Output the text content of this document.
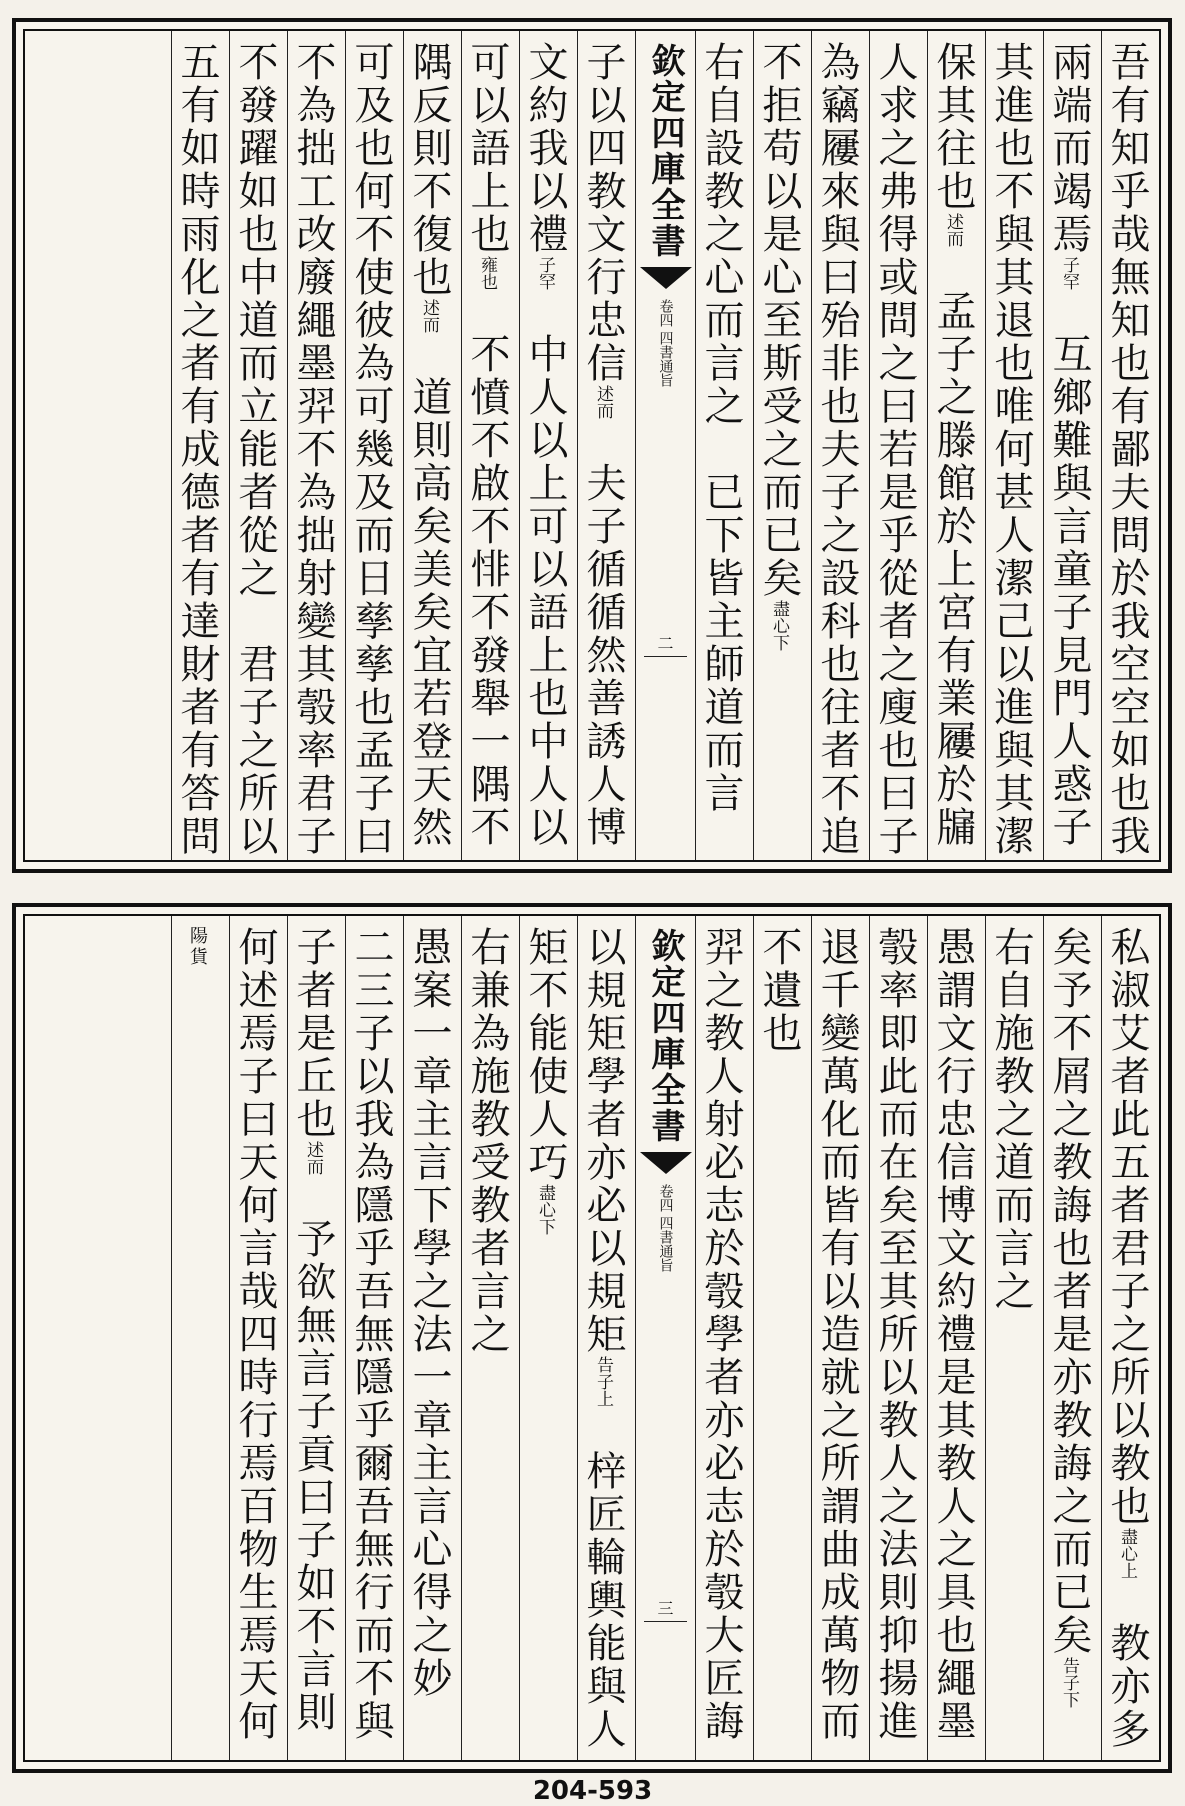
吾有知乎哉無知也有鄙夫問於我空空如也我
兩端而竭焉子罕　互鄉難與言童子見門人惑子
其進也不與其退也唯何甚人潔己以進與其潔
保其往也述而　孟子之滕館於上宮有業屨於牖
人求之弗得或問之曰若是乎從者之廋也曰子
為竊屨來與曰殆非也夫子之設科也往者不追
不拒苟以是心至斯受之而已矣盡心下
右自設教之心而言之　已下皆主師道而言
欽定四庫全書
四書通旨
卷四
二
子以四教文行忠信述而　夫子循循然善誘人博
文約我以禮子罕　中人以上可以語上也中人以
可以語上也雍也　不憤不啟不悱不發舉一隅不
隅反則不復也述而　道則高矣美矣宜若登天然
可及也何不使彼為可幾及而日孳孳也孟子曰
不為拙工改廢繩墨羿不為拙射變其彀率君子
不發躍如也中道而立能者從之　君子之所以
五有如時雨化之者有成德者有達財者有答問
私淑艾者此五者君子之所以教也盡心上　教亦多
矣予不屑之教誨也者是亦教誨之而已矣告子下
右自施教之道而言之
愚謂文行忠信博文約禮是其教人之具也繩墨
彀率即此而在矣至其所以教人之法則抑揚進
退千變萬化而皆有以造就之所謂曲成萬物而
不遺也
羿之教人射必志於彀學者亦必志於彀大匠誨
欽定四庫全書
四書通旨
卷四
三
以規矩學者亦必以規矩告子上　梓匠輪輿能與人
矩不能使人巧盡心下
右兼為施教受教者言之
愚案一章主言下學之法一章主言心得之妙
二三子以我為隱乎吾無隱乎爾吾無行而不與
子者是丘也述而　予欲無言子貢曰子如不言則
何述焉子曰天何言哉四時行焉百物生焉天何
陽貨
204-593
